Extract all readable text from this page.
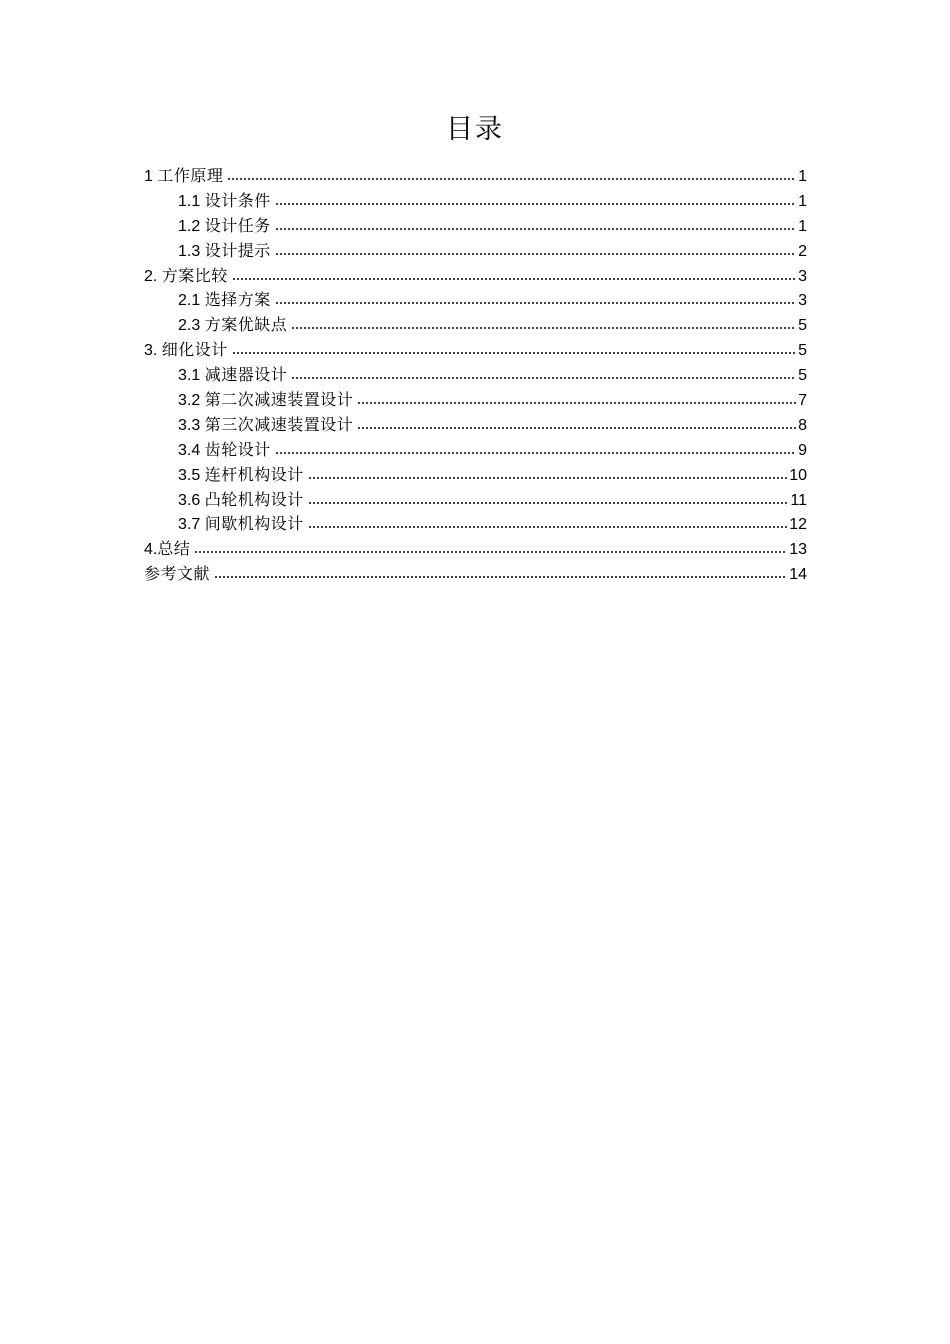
目录
1 工作原理	1
1.1 设计条件	1
1.2 设计任务	1
1.3 设计提示	2
2. 方案比较	3
2.1 选择方案	3
2.3 方案优缺点	5
3. 细化设计	5
3.1 减速器设计	5
3.2 第二次减速装置设计	7
3.3 第三次减速装置设计	8
3.4 齿轮设计	9
3.5 连杆机构设计	10
3.6 凸轮机构设计	11
3.7 间歇机构设计	12
4.总结	13
参考文献	14
